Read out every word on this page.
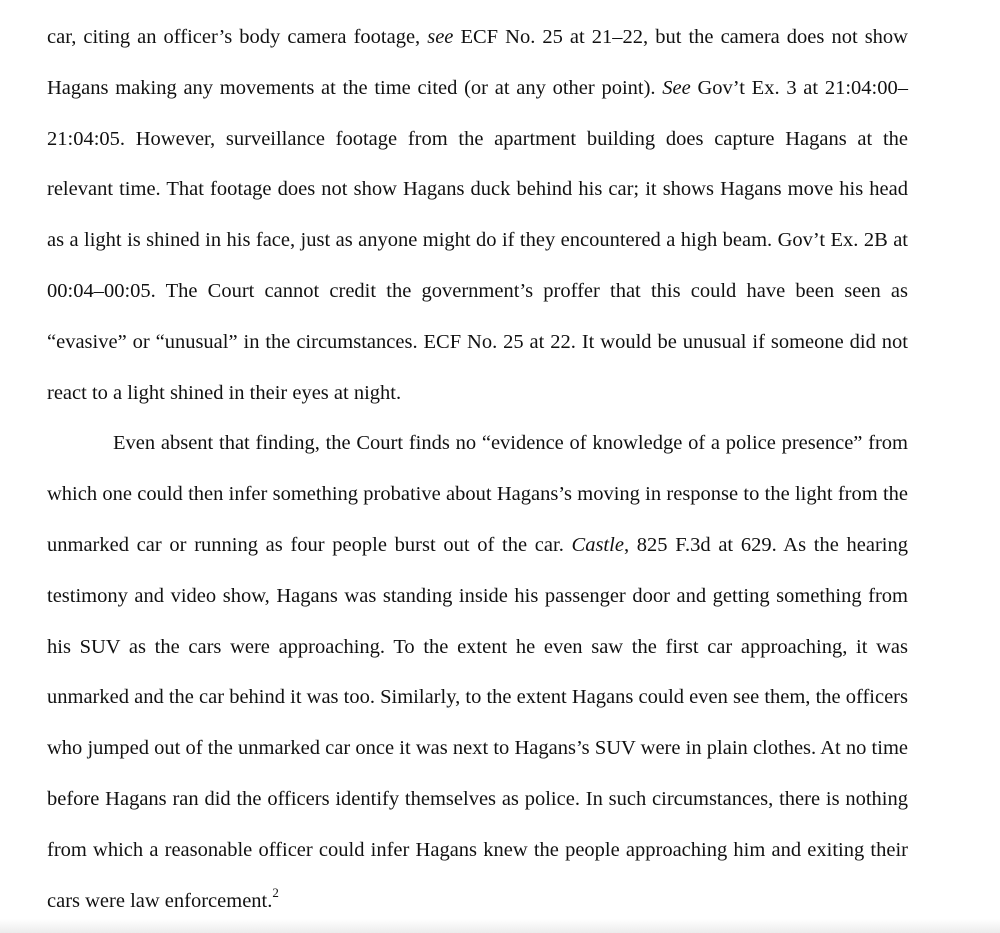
car, citing an officer’s body camera footage, see ECF No. 25 at 21–22, but the camera does not show Hagans making any movements at the time cited (or at any other point). See Gov’t Ex. 3 at 21:04:00–21:04:05. However, surveillance footage from the apartment building does capture Hagans at the relevant time. That footage does not show Hagans duck behind his car; it shows Hagans move his head as a light is shined in his face, just as anyone might do if they encountered a high beam. Gov’t Ex. 2B at 00:04–00:05. The Court cannot credit the government’s proffer that this could have been seen as “evasive” or “unusual” in the circumstances. ECF No. 25 at 22. It would be unusual if someone did not react to a light shined in their eyes at night.

Even absent that finding, the Court finds no “evidence of knowledge of a police presence” from which one could then infer something probative about Hagans’s moving in response to the light from the unmarked car or running as four people burst out of the car. Castle, 825 F.3d at 629. As the hearing testimony and video show, Hagans was standing inside his passenger door and getting something from his SUV as the cars were approaching. To the extent he even saw the first car approaching, it was unmarked and the car behind it was too. Similarly, to the extent Hagans could even see them, the officers who jumped out of the unmarked car once it was next to Hagans’s SUV were in plain clothes. At no time before Hagans ran did the officers identify themselves as police. In such circumstances, there is nothing from which a reasonable officer could infer Hagans knew the people approaching him and exiting their cars were law enforcement.$^2$
